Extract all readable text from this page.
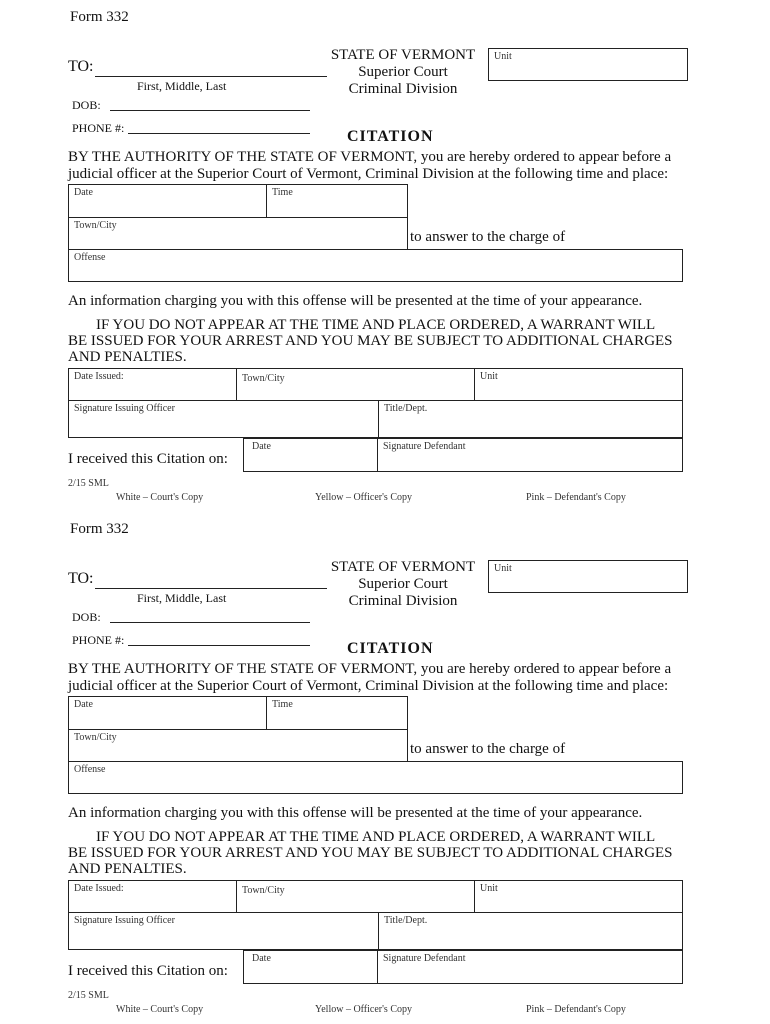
Form 332
TO:
First, Middle, Last
DOB:
PHONE #:
STATE OF VERMONT
Superior Court
Criminal Division
Unit
CITATION
BY THE AUTHORITY OF THE STATE OF VERMONT, you are hereby ordered to appear before a
judicial officer at the Superior Court of Vermont, Criminal Division at the following time and place:
Date	Time
Town/City
to answer to the charge of
Offense
An information charging you with this offense will be presented at the time of your appearance.
IF YOU DO NOT APPEAR AT THE TIME AND PLACE ORDERED, A WARRANT WILL
BE ISSUED FOR YOUR ARREST AND YOU MAY BE SUBJECT TO ADDITIONAL CHARGES
AND PENALTIES.
Date Issued:	Town/City	Unit
Signature Issuing Officer	Title/Dept.
I received this Citation on:
Date	Signature Defendant
2/15 SML
White – Court's Copy	Yellow – Officer's Copy	Pink – Defendant's Copy
Form 332
TO:
First, Middle, Last
DOB:
PHONE #:
STATE OF VERMONT
Superior Court
Criminal Division
Unit
CITATION
BY THE AUTHORITY OF THE STATE OF VERMONT, you are hereby ordered to appear before a
judicial officer at the Superior Court of Vermont, Criminal Division at the following time and place:
Date	Time
Town/City
to answer to the charge of
Offense
An information charging you with this offense will be presented at the time of your appearance.
IF YOU DO NOT APPEAR AT THE TIME AND PLACE ORDERED, A WARRANT WILL
BE ISSUED FOR YOUR ARREST AND YOU MAY BE SUBJECT TO ADDITIONAL CHARGES
AND PENALTIES.
Date Issued:	Town/City	Unit
Signature Issuing Officer	Title/Dept.
I received this Citation on:
Date	Signature Defendant
2/15 SML
White – Court's Copy	Yellow – Officer's Copy	Pink – Defendant's Copy
